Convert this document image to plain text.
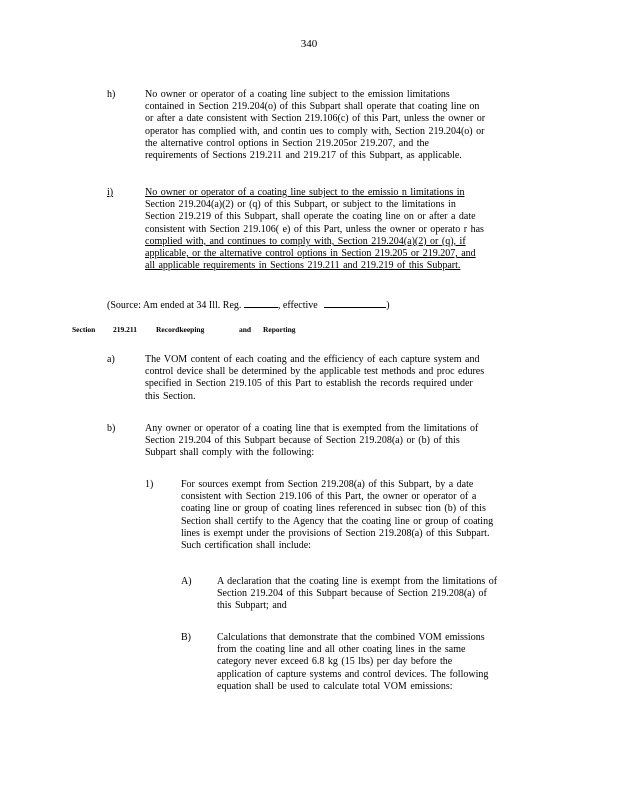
340
h)	No owner or operator of a coating line subject to the emission limitations
contained in Section 219.204(o) of this Subpart shall operate that coating line on
or after a date consistent with Section 219.106(c) of this Part, unless the owner or
operator has complied with, and contin ues to comply with, Section 219.204(o) or
the alternative control options in Section 219.205or 219.207, and the
requirements of Sections 219.211 and 219.217 of this Subpart, as applicable.
i)	No owner or operator of a coating line subject to the emissio n limitations in
Section 219.204(a)(2) or (q) of this Subpart, or subject to the limitations in
Section 219.219 of this Subpart, shall operate the coating line on or after a date
consistent with Section 219.106( e) of this Part, unless the owner or operato r has
complied with, and continues to comply with, Section 219.204(a)(2) or (q), if
applicable, or the alternative control options in Section 219.205 or 219.207, and
all applicable requirements in Sections 219.211 and 219.219 of this Subpart.
(Source: Am ended at 34 Ill. Reg.	, effective	)
Section 219.211	Recordkeeping	and Reporting
a)	The VOM content of each coating and the efficiency of each capture system and
control device shall be determined by the applicable test methods and proc edures
specified in Section 219.105 of this Part to establish the records required under
this Section.
b)	Any owner or operator of a coating line that is exempted from the limitations of
Section 219.204 of this Subpart because of Section 219.208(a) or (b) of this
Subpart shall comply with the following:
1)	For sources exempt from Section 219.208(a) of this Subpart, by a date
consistent with Section 219.106 of this Part, the owner or operator of a
coating line or group of coating lines referenced in subsec tion (b) of this
Section shall certify to the Agency that the coating line or group of coating
lines is exempt under the provisions of Section 219.208(a) of this Subpart.
Such certification shall include:
A)	A declaration that the coating line is exempt from the limitations of
Section 219.204 of this Subpart because of Section 219.208(a) of
this Subpart; and
B)	Calculations that demonstrate that the combined VOM emissions
from the coating line and all other coating lines in the same
category never exceed 6.8 kg (15 lbs) per day before the
application of capture systems and control devices. The following
equation shall be used to calculate total VOM emissions:
